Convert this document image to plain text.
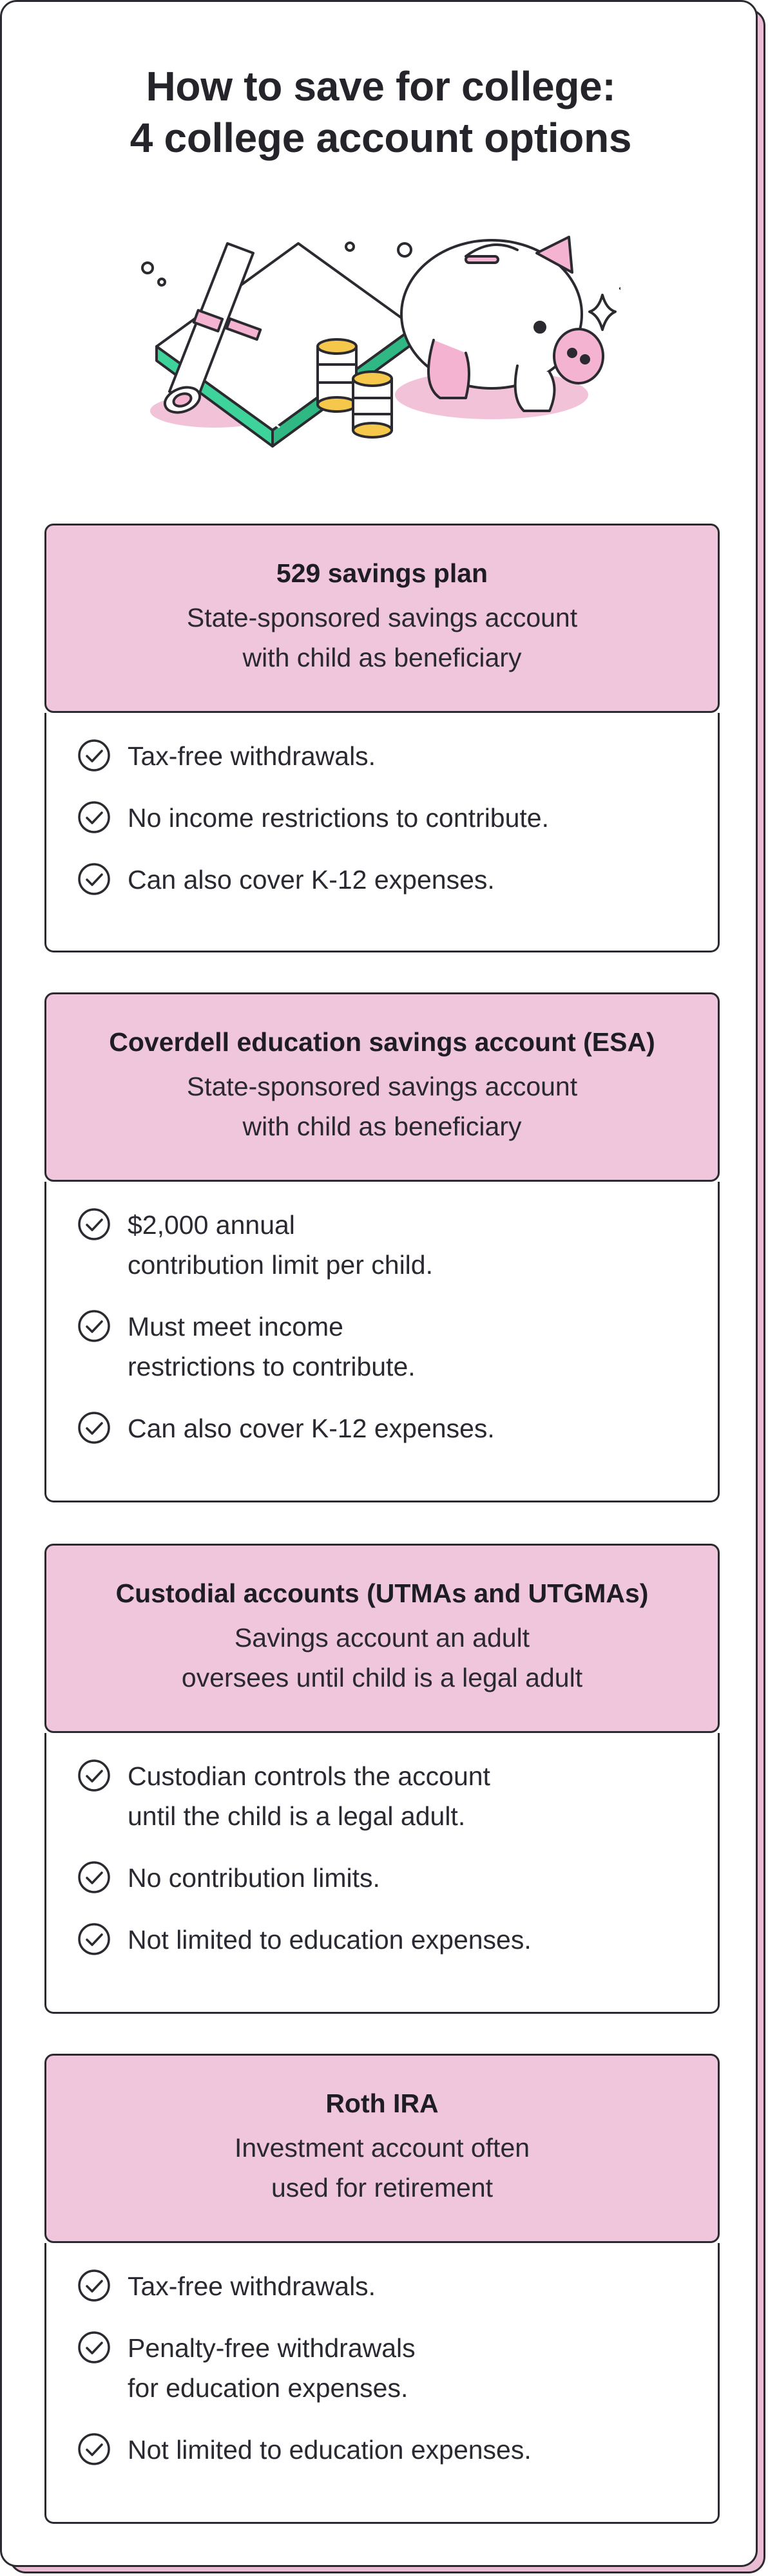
How to save for college:
4 college account options
529 savings plan
State-sponsored savings account
with child as beneficiary
Tax-free withdrawals.
No income restrictions to contribute.
Can also cover K-12 expenses.
Coverdell education savings account (ESA)
State-sponsored savings account
with child as beneficiary
$2,000 annual
contribution limit per child.
Must meet income
restrictions to contribute.
Can also cover K-12 expenses.
Custodial accounts (UTMAs and UTGMAs)
Savings account an adult
oversees until child is a legal adult
Custodian controls the account
until the child is a legal adult.
No contribution limits.
Not limited to education expenses.
Roth IRA
Investment account often
used for retirement
Tax-free withdrawals.
Penalty-free withdrawals
for education expenses.
Not limited to education expenses.
